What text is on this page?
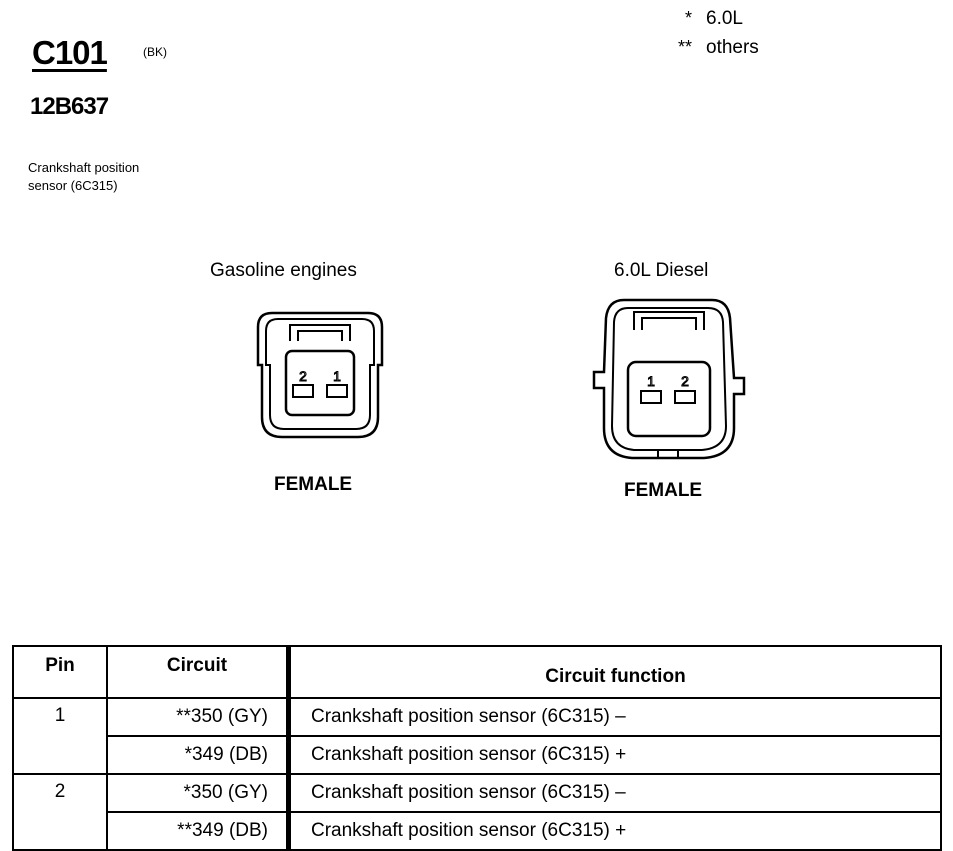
C101	(BK)
12B637
Crankshaft position
sensor (6C315)
* 6.0L
** others
Gasoline engines
2 1
FEMALE
6.0L Diesel
1 2
FEMALE
Pin	Circuit	Circuit function
1	**350 (GY)	Crankshaft position sensor (6C315) –
	*349 (DB)	Crankshaft position sensor (6C315) +
2	*350 (GY)	Crankshaft position sensor (6C315) –
	**349 (DB)	Crankshaft position sensor (6C315) +
